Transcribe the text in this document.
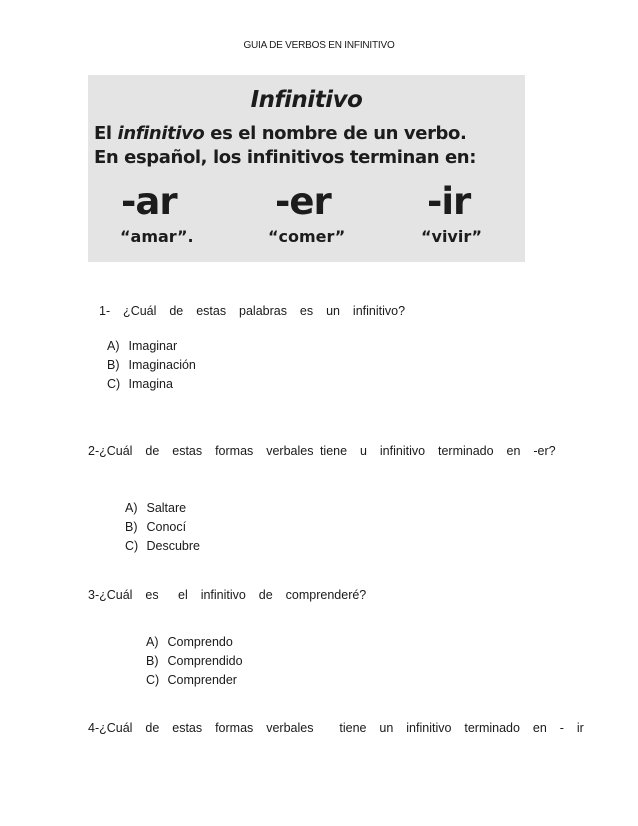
GUIA DE VERBOS EN INFINITIVO
Infinitivo
El infinitivo es el nombre de un verbo.
En español, los infinitivos terminan en:
-ar	-er	-ir
“amar”.	“comer”	“vivir”
1-  ¿Cuál  de  estas  palabras  es  un  infinitivo?
A) Imaginar
B) Imaginación
C) Imagina
2-¿Cuál  de  estas  formas  verbales tiene  u  infinitivo  terminado  en  -er?
A) Saltare
B) Conocí
C) Descubre
3-¿Cuál  es   el  infinitivo  de  comprenderé?
A) Comprendo
B) Comprendido
C) Comprender
4-¿Cuál  de  estas  formas  verbales    tiene  un  infinitivo  terminado  en  -  ir
